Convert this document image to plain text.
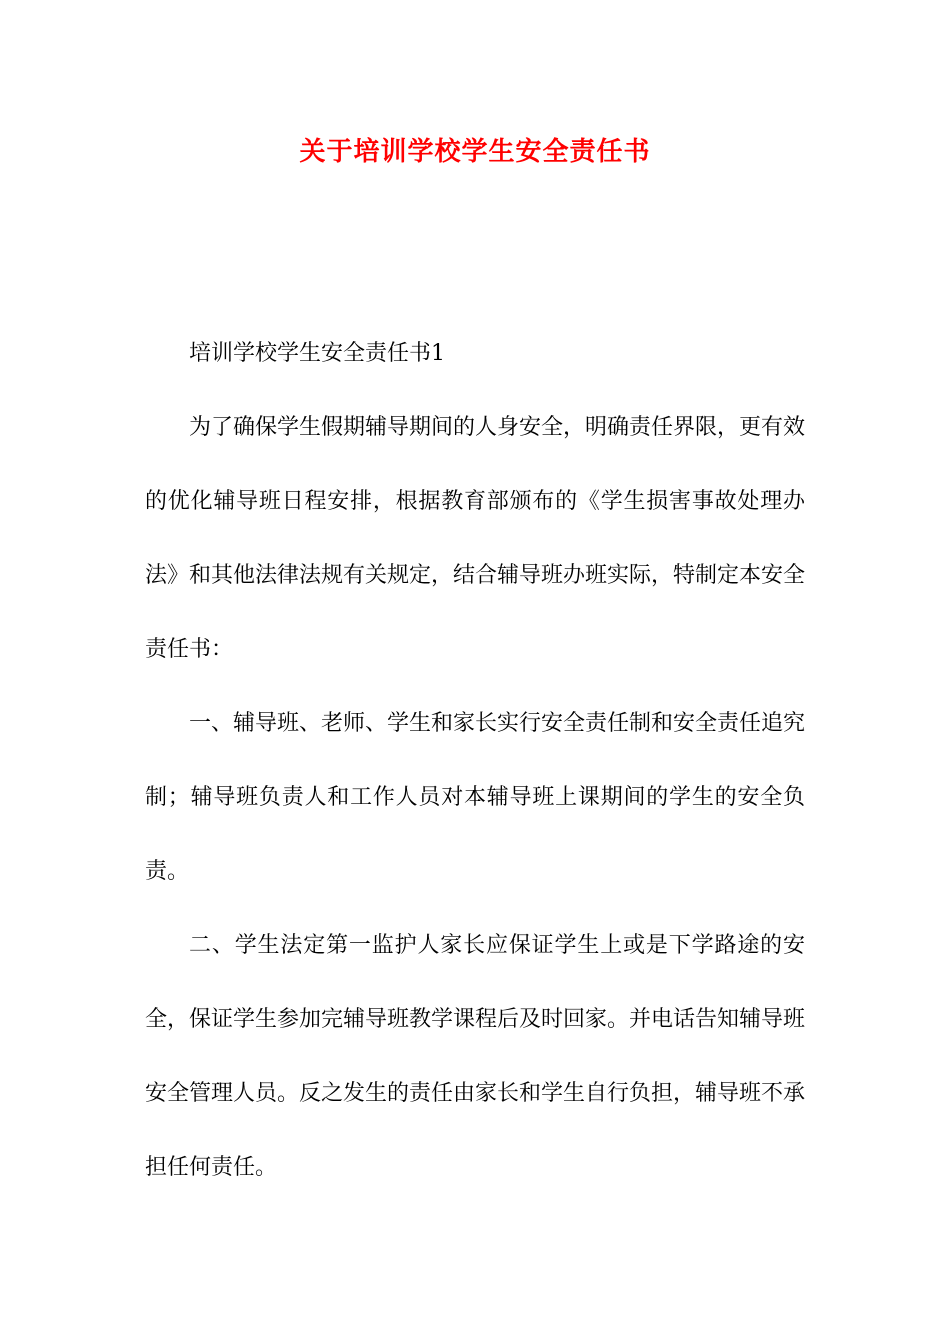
关于培训学校学生安全责任书

培训学校学生安全责任书1

为了确保学生假期辅导期间的人身安全，明确责任界限，更有效的优化辅导班日程安排，根据教育部颁布的《学生损害事故处理办法》和其他法律法规有关规定，结合辅导班办班实际，特制定本安全责任书：

一、辅导班、老师、学生和家长实行安全责任制和安全责任追究制；辅导班负责人和工作人员对本辅导班上课期间的学生的安全负责。

二、学生法定第一监护人家长应保证学生上或是下学路途的安全，保证学生参加完辅导班教学课程后及时回家。并电话告知辅导班安全管理人员。反之发生的责任由家长和学生自行负担，辅导班不承担任何责任。
